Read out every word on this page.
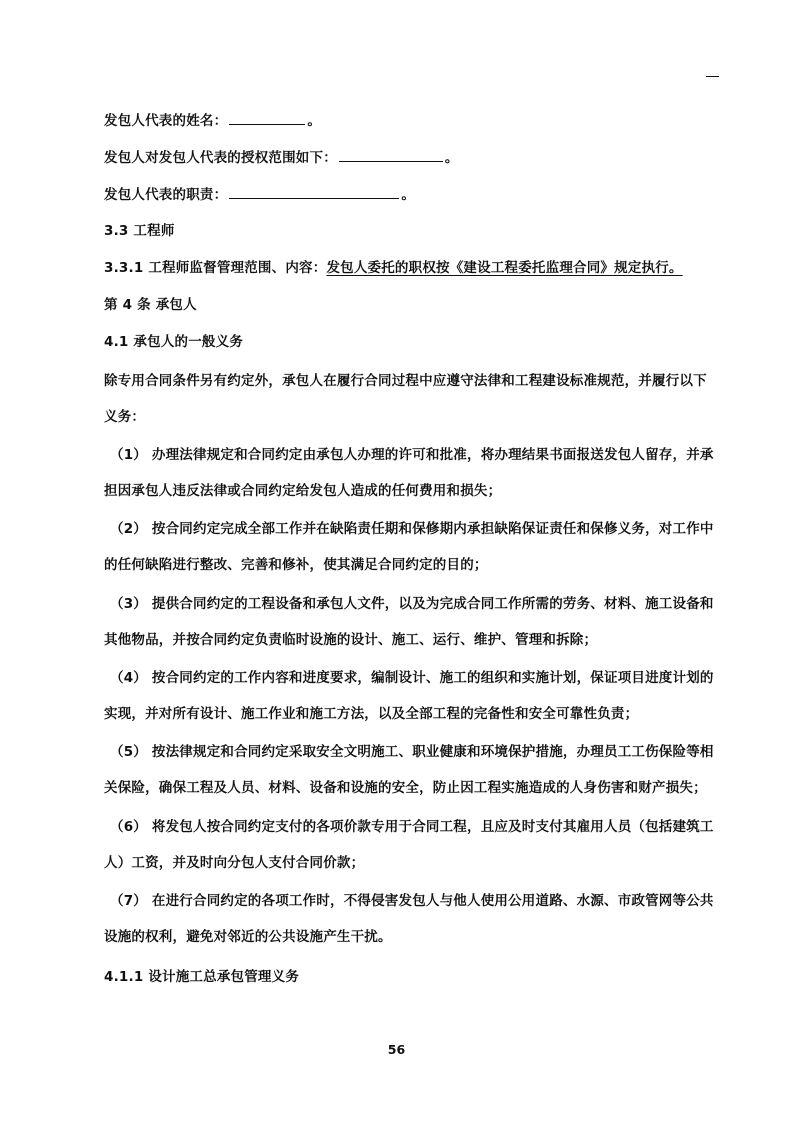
发包人代表的姓名：	。
发包人对发包人代表的授权范围如下：	。
发包人代表的职责：	。
3.3 工程师
3.3.1 工程师监督管理范围、内容：发包人委托的职权按《建设工程委托监理合同》规定执行。
第 4 条 承包人
4.1 承包人的一般义务
除专用合同条件另有约定外，承包人在履行合同过程中应遵守法律和工程建设标准规范，并履行以下
义务：
（1） 办理法律规定和合同约定由承包人办理的许可和批准，将办理结果书面报送发包人留存，并承
担因承包人违反法律或合同约定给发包人造成的任何费用和损失；
（2） 按合同约定完成全部工作并在缺陷责任期和保修期内承担缺陷保证责任和保修义务，对工作中
的任何缺陷进行整改、完善和修补，使其满足合同约定的目的；
（3） 提供合同约定的工程设备和承包人文件，以及为完成合同工作所需的劳务、材料、施工设备和
其他物品，并按合同约定负责临时设施的设计、施工、运行、维护、管理和拆除；
（4） 按合同约定的工作内容和进度要求，编制设计、施工的组织和实施计划，保证项目进度计划的
实现，并对所有设计、施工作业和施工方法，以及全部工程的完备性和安全可靠性负责；
（5） 按法律规定和合同约定采取安全文明施工、职业健康和环境保护措施，办理员工工伤保险等相
关保险，确保工程及人员、材料、设备和设施的安全，防止因工程实施造成的人身伤害和财产损失；
（6） 将发包人按合同约定支付的各项价款专用于合同工程，且应及时支付其雇用人员（包括建筑工
人）工资，并及时向分包人支付合同价款；
（7） 在进行合同约定的各项工作时，不得侵害发包人与他人使用公用道路、水源、市政管网等公共
设施的权利，避免对邻近的公共设施产生干扰。
4.1.1 设计施工总承包管理义务
56
